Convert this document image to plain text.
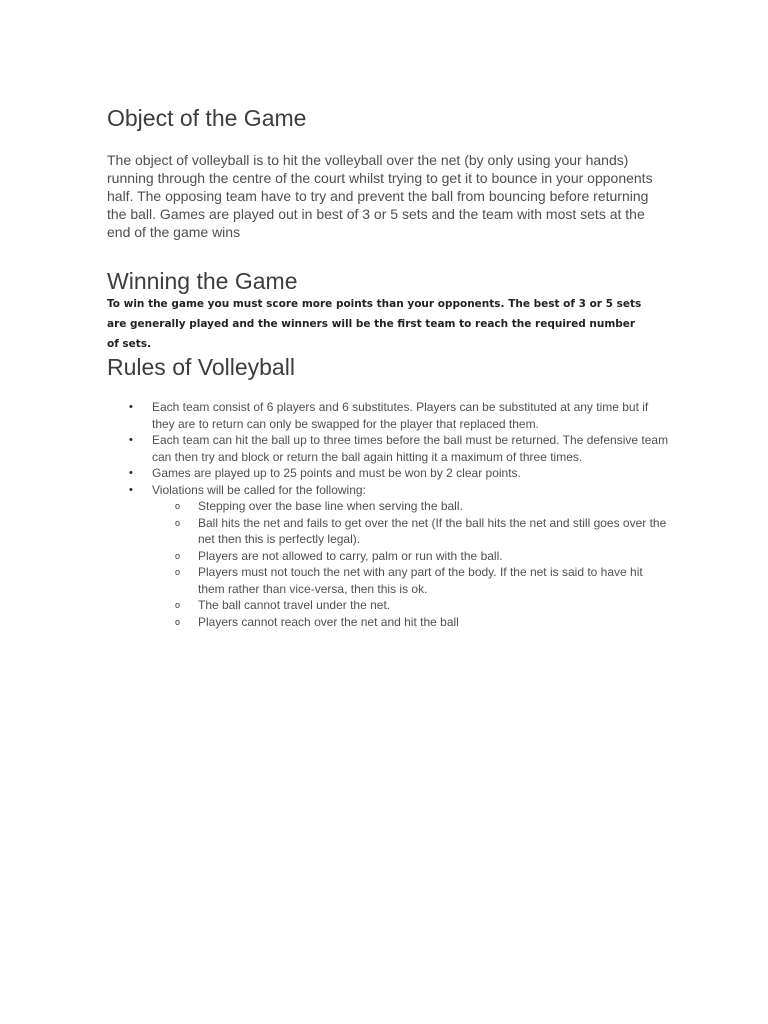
Object of the Game

The object of volleyball is to hit the volleyball over the net (by only using your hands) running through the centre of the court whilst trying to get it to bounce in your opponents half. The opposing team have to try and prevent the ball from bouncing before returning the ball. Games are played out in best of 3 or 5 sets and the team with most sets at the end of the game wins

Winning the Game

To win the game you must score more points than your opponents. The best of 3 or 5 sets are generally played and the winners will be the first team to reach the required number of sets.

Rules of Volleyball
• Each team consist of 6 players and 6 substitutes. Players can be substituted at any time but if they are to return can only be swapped for the player that replaced them.
• Each team can hit the ball up to three times before the ball must be returned. The defensive team can then try and block or return the ball again hitting it a maximum of three times.
• Games are played up to 25 points and must be won by 2 clear points.
• Violations will be called for the following:
o Stepping over the base line when serving the ball.
o Ball hits the net and fails to get over the net (If the ball hits the net and still goes over the net then this is perfectly legal).
o Players are not allowed to carry, palm or run with the ball.
o Players must not touch the net with any part of the body. If the net is said to have hit them rather than vice-versa, then this is ok.
o The ball cannot travel under the net.
o Players cannot reach over the net and hit the ball
